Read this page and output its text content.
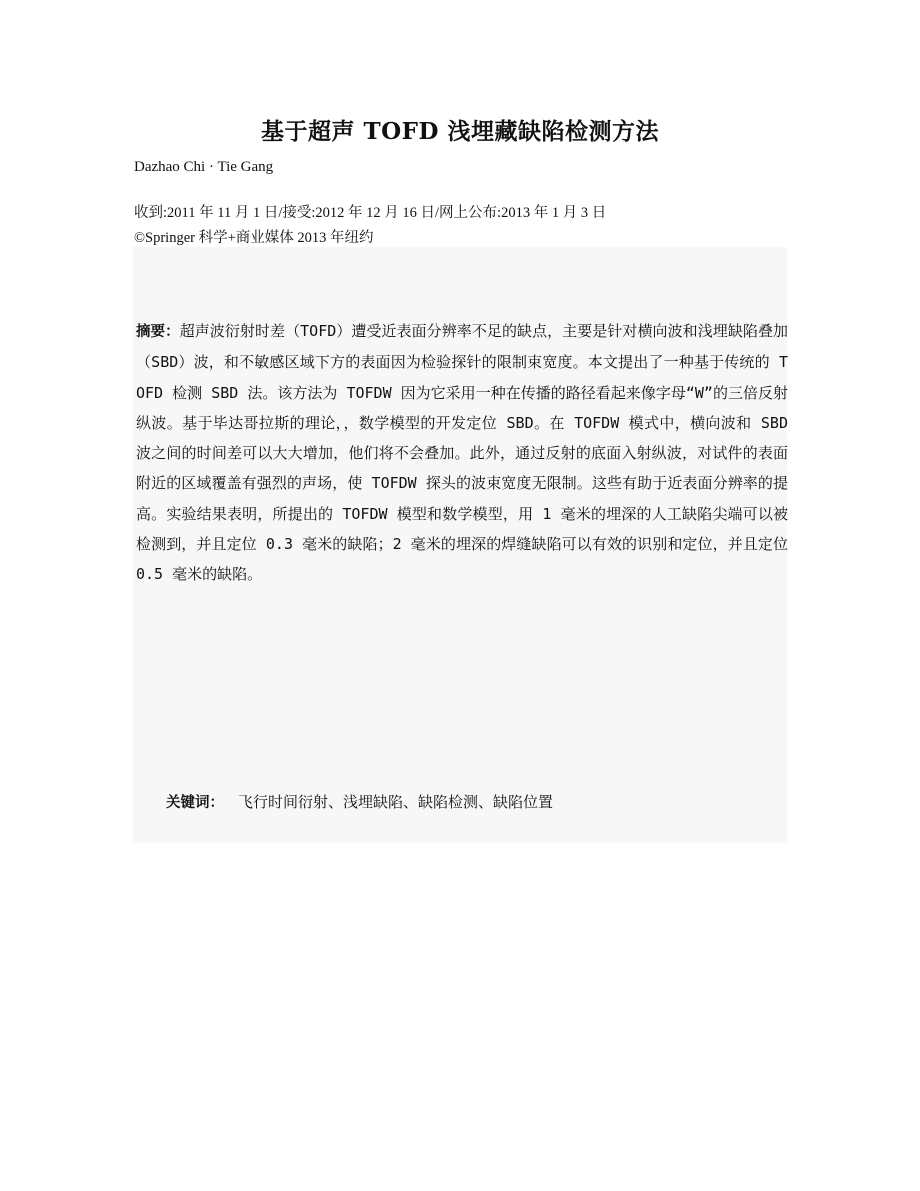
基于超声 TOFD 浅埋藏缺陷检测方法
Dazhao Chi · Tie Gang
收到:2011 年 11 月 1 日/接受:2012 年 12 月 16 日/网上公布:2013 年 1 月 3 日
©Springer 科学+商业媒体 2013 年纽约
摘要：超声波衍射时差（TOFD）遭受近表面分辨率不足的缺点，主要是针对横向波和浅埋缺陷叠加（SBD）波，和不敏感区域下方的表面因为检验探针的限制束宽度。本文提出了一种基于传统的 TOFD 检测 SBD 法。该方法为 TOFDW 因为它采用一种在传播的路径看起来像字母“W”的三倍反射纵波。基于毕达哥拉斯的理论，，数学模型的开发定位 SBD。在 TOFDW 模式中，横向波和 SBD 波之间的时间差可以大大增加，他们将不会叠加。此外，通过反射的底面入射纵波，对试件的表面附近的区域覆盖有强烈的声场，使 TOFDW 探头的波束宽度无限制。这些有助于近表面分辨率的提高。实验结果表明，所提出的 TOFDW 模型和数学模型，用 1 毫米的埋深的人工缺陷尖端可以被检测到，并且定位 0.3 毫米的缺陷；2 毫米的埋深的焊缝缺陷可以有效的识别和定位，并且定位 0.5 毫米的缺陷。
关键词： 飞行时间衍射、浅埋缺陷、缺陷检测、缺陷位置
